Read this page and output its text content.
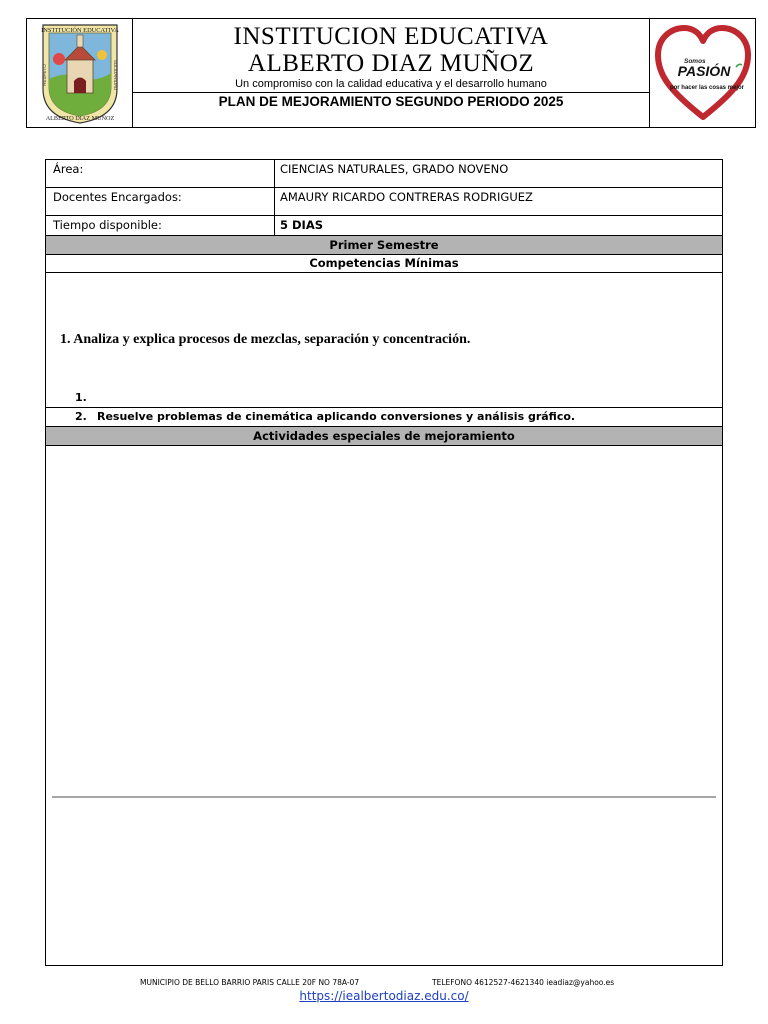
INSTITUCIÓN EDUCATIVA
ALBERTO DIAZ MUÑOZ
RESPETO	SOLIDARIDAD
INSTITUCION EDUCATIVA
ALBERTO DIAZ MUÑOZ
Un compromiso con la calidad educativa y el desarrollo humano
PLAN DE MEJORAMIENTO SEGUNDO PERIODO 2025
Somos
PASIÓN
por hacer las cosas mejor
Área:	CIENCIAS NATURALES, GRADO NOVENO
Docentes Encargados:	AMAURY RICARDO CONTRERAS RODRIGUEZ
Tiempo disponible:	5 DIAS
Primer Semestre
Competencias Mínimas
1. Analiza y explica procesos de mezclas, separación y concentración.
1.
2. Resuelve problemas de cinemática aplicando conversiones y análisis gráfico.
Actividades especiales de mejoramiento
MUNICIPIO DE BELLO BARRIO PARIS CALLE 20F NO 78A-07	TELEFONO 4612527-4621340 ieadiaz@yahoo.es
https://iealbertodiaz.edu.co/
